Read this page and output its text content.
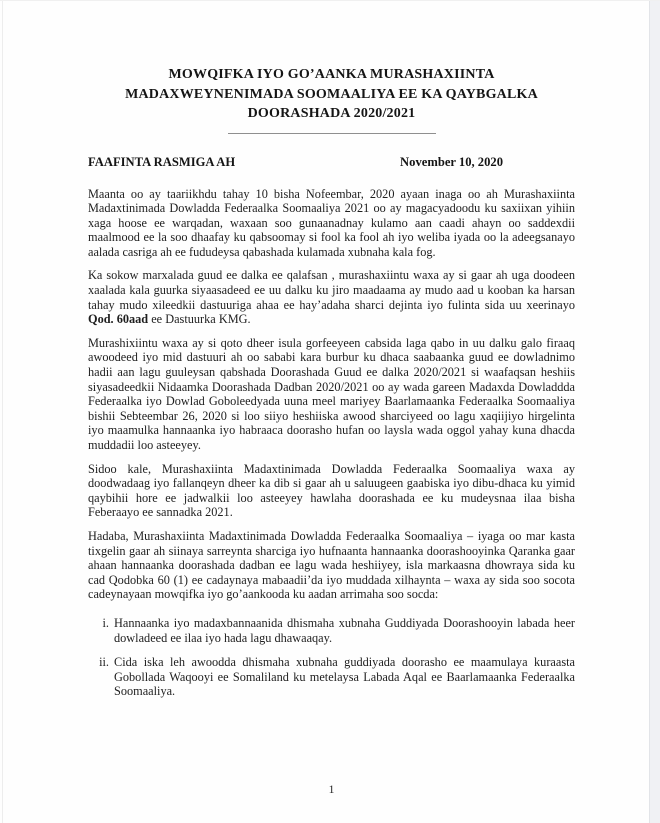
MOWQIFKA IYO GO’AANKA MURASHAXIINTA
MADAXWEYNENIMADA SOOMAALIYA EE KA QAYBGALKA
DOORASHADA 2020/2021
FAAFINTA RASMIGA AH	November 10, 2020

Maanta oo ay taariikhdu tahay 10 bisha Nofeembar, 2020 ayaan inaga oo ah Murashaxiinta Madaxtinimada Dowladda Federaalka Soomaaliya 2021 oo ay magacyadoodu ku saxiixan yihiin xaga hoose ee warqadan, waxaan soo gunaanadnay kulamo aan caadi ahayn oo saddexdii maalmood ee la soo dhaafay ku qabsoomay si fool ka fool ah iyo weliba iyada oo la adeegsanayo aalada casriga ah ee fududeysa qabashada kulamada xubnaha kala fog.

Ka sokow marxalada guud ee dalka ee qalafsan , murashaxiintu waxa ay si gaar ah uga doodeen xaalada kala guurka siyaasadeed ee uu dalku ku jiro maadaama ay mudo aad u kooban ka harsan tahay mudo xileedkii dastuuriga ahaa ee hay’adaha sharci dejinta iyo fulinta sida uu xeerinayo Qod. 60aad ee Dastuurka KMG.

Murashixiintu waxa ay si qoto dheer isula gorfeeyeen cabsida laga qabo in uu dalku galo firaaq awoodeed iyo mid dastuuri ah oo sababi kara burbur ku dhaca saabaanka guud ee dowladnimo hadii aan lagu guuleysan qabshada Doorashada Guud ee dalka 2020/2021 si waafaqsan heshiis siyasadeedkii Nidaamka Doorashada Dadban 2020/2021 oo ay wada gareen Madaxda Dowladdda Federaalka iyo Dowlad Goboleedyada uuna meel mariyey Baarlamaanka Federaalka Soomaaliya bishii Sebteembar 26, 2020 si loo siiyo heshiiska awood sharciyeed oo lagu xaqiijiyo hirgelinta iyo maamulka hannaanka iyo habraaca doorasho hufan oo laysla wada oggol yahay kuna dhacda muddadii loo asteeyey.

Sidoo kale, Murashaxiinta Madaxtinimada Dowladda Federaalka Soomaaliya waxa ay doodwadaag iyo fallanqeyn dheer ka dib si gaar ah u saluugeen gaabiska iyo dibu-dhaca ku yimid qaybihii hore ee jadwalkii loo asteeyey hawlaha doorashada ee ku mudeysnaa ilaa bisha Feberaayo ee sannadka 2021.

Hadaba, Murashaxiinta Madaxtinimada Dowladda Federaalka Soomaaliya – iyaga oo mar kasta tixgelin gaar ah siinaya sarreynta sharciga iyo hufnaanta hannaanka doorashooyinka Qaranka gaar ahaan hannaanka doorashada dadban ee lagu wada heshiiyey, isla markaasna dhowraya sida ku cad Qodobka 60 (1) ee cadaynaya mabaadii’da iyo muddada xilhaynta – waxa ay sida soo socota cadeynayaan mowqifka iyo go’aankooda ku aadan arrimaha soo socda:

i. Hannaanka iyo madaxbannaanida dhismaha xubnaha Guddiyada Doorashooyin labada heer dowladeed ee ilaa iyo hada lagu dhawaaqay.
ii. Cida iska leh awoodda dhismaha xubnaha guddiyada doorasho ee maamulaya kuraasta Gobollada Waqooyi ee Somaliland ku metelaysa Labada Aqal ee Baarlamaanka Federaalka Soomaaliya.
1
